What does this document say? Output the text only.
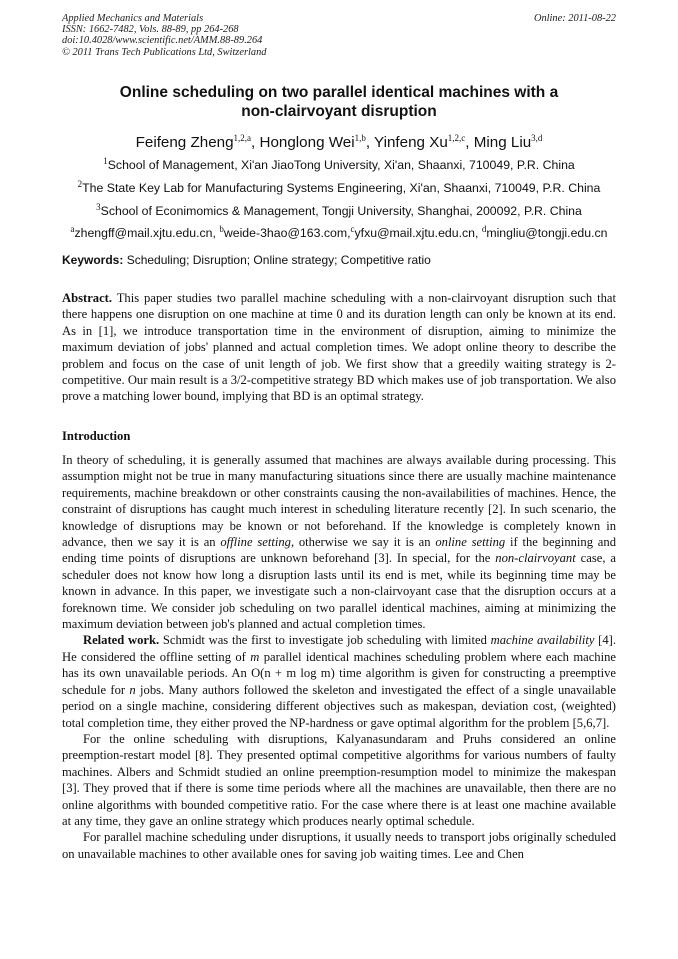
Applied Mechanics and Materials
ISSN: 1662-7482, Vols. 88-89, pp 264-268
doi:10.4028/www.scientific.net/AMM.88-89.264
© 2011 Trans Tech Publications Ltd, Switzerland
Online: 2011-08-22
Online scheduling on two parallel identical machines with a
non-clairvoyant disruption
Feifeng Zheng$^{1,2,a}$, Honglong Wei$^{1,b}$, Yinfeng Xu$^{1,2,c}$, Ming Liu$^{3,d}$
$^1$School of Management, Xi'an JiaoTong University, Xi'an, Shaanxi, 710049, P.R. China
$^2$The State Key Lab for Manufacturing Systems Engineering, Xi'an, Shaanxi, 710049, P.R. China
$^3$School of Econimomics & Management, Tongji University, Shanghai, 200092, P.R. China
$^a$zhengff@mail.xjtu.edu.cn, $^b$weide-3hao@163.com,$^c$yfxu@mail.xjtu.edu.cn, $^d$mingliu@tongji.edu.cn
Keywords: Scheduling; Disruption; Online strategy; Competitive ratio

Abstract. This paper studies two parallel machine scheduling with a non-clairvoyant disruption such that there happens one disruption on one machine at time 0 and its duration length can only be known at its end. As in [1], we introduce transportation time in the environment of disruption, aiming to minimize the maximum deviation of jobs' planned and actual completion times. We adopt online theory to describe the problem and focus on the case of unit length of job. We first show that a greedily waiting strategy is 2-competitive. Our main result is a 3/2-competitive strategy BD which makes use of job transportation. We also prove a matching lower bound, implying that BD is an optimal strategy.

Introduction

In theory of scheduling, it is generally assumed that machines are always available during processing. This assumption might not be true in many manufacturing situations since there are usually machine maintenance requirements, machine breakdown or other constraints causing the non-availabilities of machines. Hence, the constraint of disruptions has caught much interest in scheduling literature recently [2]. In such scenario, the knowledge of disruptions may be known or not beforehand. If the knowledge is completely known in advance, then we say it is an offline setting, otherwise we say it is an online setting if the beginning and ending time points of disruptions are unknown beforehand [3]. In special, for the non-clairvoyant case, a scheduler does not know how long a disruption lasts until its end is met, while its beginning time may be known in advance. In this paper, we investigate such a non-clairvoyant case that the disruption occurs at a foreknown time. We consider job scheduling on two parallel identical machines, aiming at minimizing the maximum deviation between job's planned and actual completion times.

Related work. Schmidt was the first to investigate job scheduling with limited machine availability [4]. He considered the offline setting of m parallel identical machines scheduling problem where each machine has its own unavailable periods. An O(n + m log m) time algorithm is given for constructing a preemptive schedule for n jobs. Many authors followed the skeleton and investigated the effect of a single unavailable period on a single machine, considering different objectives such as makespan, deviation cost, (weighted) total completion time, they either proved the NP-hardness or gave optimal algorithm for the problem [5,6,7].

For the online scheduling with disruptions, Kalyanasundaram and Pruhs considered an online preemption-restart model [8]. They presented optimal competitive algorithms for various numbers of faulty machines. Albers and Schmidt studied an online preemption-resumption model to minimize the makespan [3]. They proved that if there is some time periods where all the machines are unavailable, then there are no online algorithms with bounded competitive ratio. For the case where there is at least one machine available at any time, they gave an online strategy which produces nearly optimal schedule.

For parallel machine scheduling under disruptions, it usually needs to transport jobs originally scheduled on unavailable machines to other available ones for saving job waiting times. Lee and Chen
